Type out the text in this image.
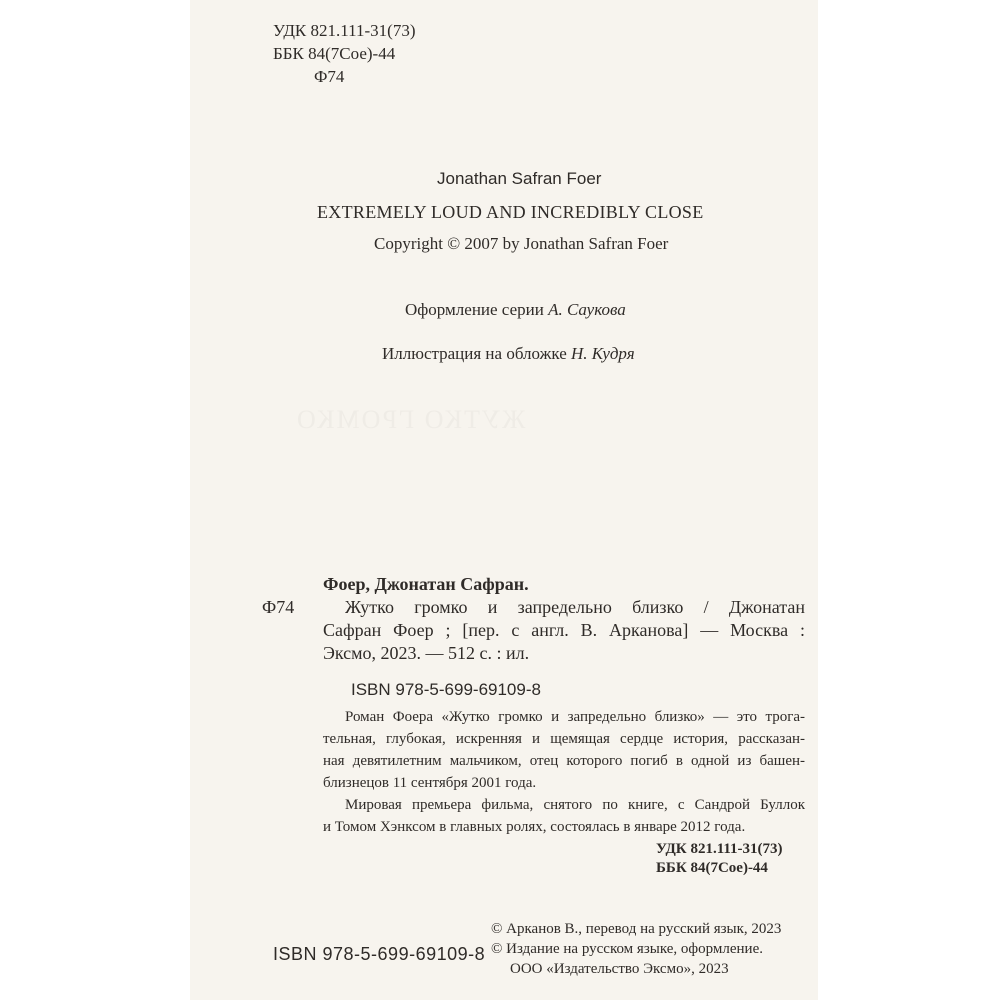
ЖУТКО ГРОМКО
УДК 821.111-31(73)
ББК 84(7Сое)-44
Ф74
Jonathan Safran Foer
EXTREMELY LOUD AND INCREDIBLY CLOSE
Copyright © 2007 by Jonathan Safran Foer
Оформление серии А. Саукова
Иллюстрация на обложке Н. Кудря
Фоер, Джонатан Сафран.
Ф74	Жутко громко и запредельно близко / Джонатан
Сафран Фоер ; [пер. с англ. В. Арканова] — Москва :
Эксмо, 2023. — 512 с. : ил.
ISBN 978-5-699-69109-8
Роман Фоера «Жутко громко и запредельно близко» — это трога-
тельная, глубокая, искренняя и щемящая сердце история, рассказан-
ная девятилетним мальчиком, отец которого погиб в одной из башен-
близнецов 11 сентября 2001 года.
Мировая премьера фильма, снятого по книге, с Сандрой Буллок
и Томом Хэнксом в главных ролях, состоялась в январе 2012 года.
УДК 821.111-31(73)
ББК 84(7Сое)-44
ISBN 978-5-699-69109-8
© Арканов В., перевод на русский язык, 2023
© Издание на русском языке, оформление.
ООО «Издательство Эксмо», 2023
